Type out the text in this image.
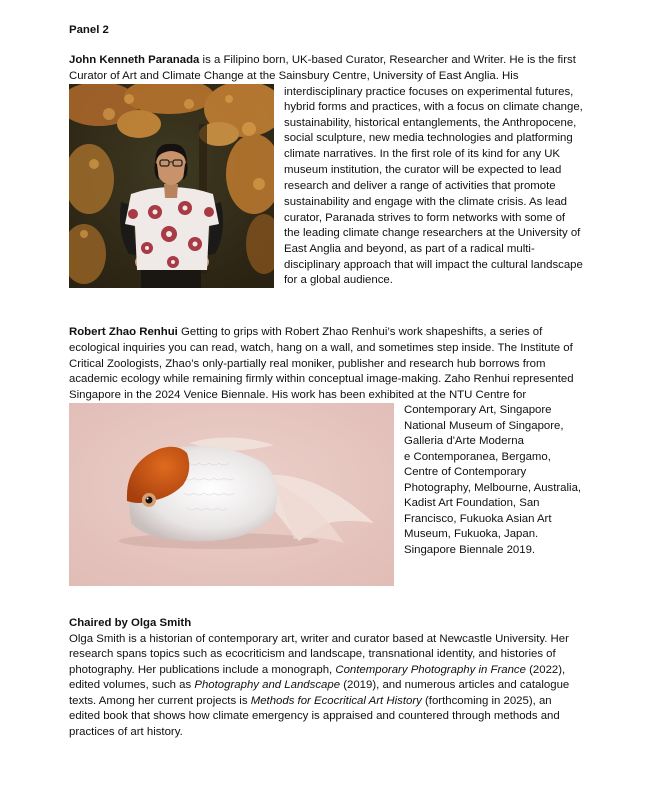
Panel 2
John Kenneth Paranada is a Filipino born, UK-based Curator, Researcher and Writer. He is the first
Curator of Art and Climate Change at the Sainsbury Centre, University of East Anglia. His
interdisciplinary practice focuses on experimental futures,
hybrid forms and practices, with a focus on climate change,
sustainability, historical entanglements, the Anthropocene,
social sculpture, new media technologies and platforming
climate narratives. In the first role of its kind for any UK
museum institution, the curator will be expected to lead
research and deliver a range of activities that promote
sustainability and engage with the climate crisis. As lead
curator, Paranada strives to form networks with some of
the leading climate change researchers at the University of
East Anglia and beyond, as part of a radical multi-
disciplinary approach that will impact the cultural landscape
for a global audience.
Robert Zhao Renhui Getting to grips with Robert Zhao Renhui’s work shapeshifts, a series of
ecological inquiries you can read, watch, hang on a wall, and sometimes step inside. The Institute of
Critical Zoologists, Zhao’s only-partially real moniker, publisher and research hub borrows from
academic ecology while remaining firmly within conceptual image-making. Zaho Renhui represented
Singapore in the 2024 Venice Biennale. His work has been exhibited at the NTU Centre for
Contemporary Art, Singapore
National Museum of Singapore,
Galleria d'Arte Moderna
e Contemporanea, Bergamo,
Centre of Contemporary
Photography, Melbourne, Australia,
Kadist Art Foundation, San
Francisco, Fukuoka Asian Art
Museum, Fukuoka, Japan.
Singapore Biennale 2019.
Chaired by Olga Smith
Olga Smith is a historian of contemporary art, writer and curator based at Newcastle University. Her
research spans topics such as ecocriticism and landscape, transnational identity, and histories of
photography. Her publications include a monograph, Contemporary Photography in France (2022),
edited volumes, such as Photography and Landscape (2019), and numerous articles and catalogue
texts. Among her current projects is Methods for Ecocritical Art History (forthcoming in 2025), an
edited book that shows how climate emergency is appraised and countered through methods and
practices of art history.
